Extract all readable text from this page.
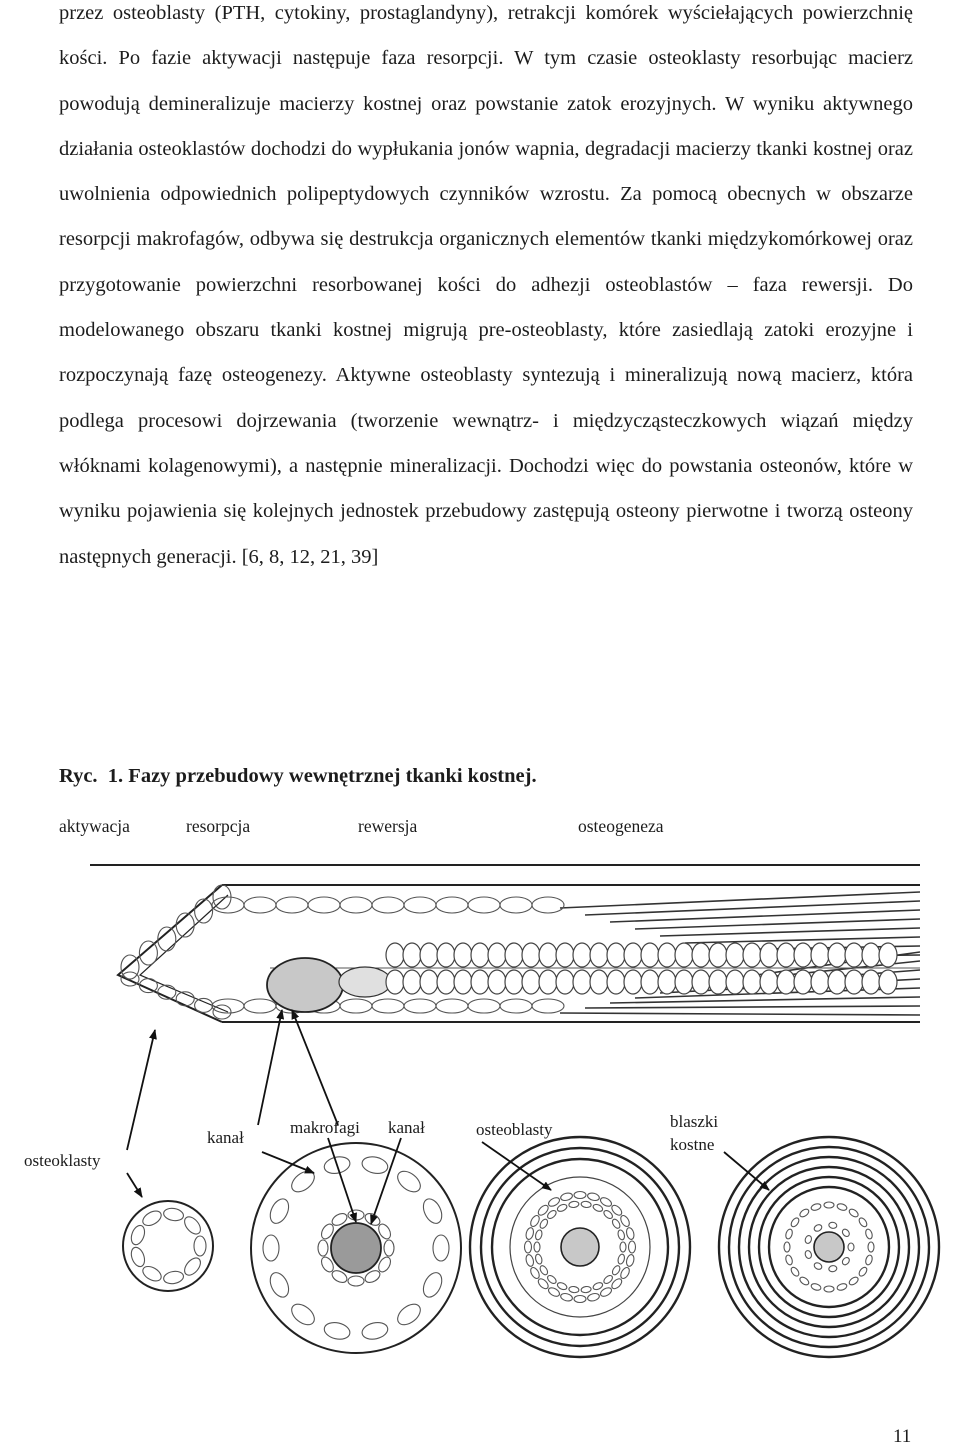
przez osteoblasty (PTH, cytokiny, prostaglandyny), retrakcji komórek wyściełających powierzchnię kości. Po fazie aktywacji następuje faza resorpcji. W tym czasie osteoklasty resorbując macierz powodują demineralizuje macierzy kostnej oraz powstanie zatok erozyjnych. W wyniku aktywnego działania osteoklastów dochodzi do wypłukania jonów wapnia, degradacji macierzy tkanki kostnej oraz uwolnienia odpowiednich polipeptydowych czynników wzrostu. Za pomocą obecnych w obszarze resorpcji makrofagów, odbywa się destrukcja organicznych elementów tkanki międzykomórkowej oraz przygotowanie powierzchni resorbowanej kości do adhezji osteoblastów – faza rewersji. Do modelowanego obszaru tkanki kostnej migrują pre-osteoblasty, które zasiedlają zatoki erozyjne i rozpoczynają fazę osteogenezy. Aktywne osteoblasty syntezują i mineralizują nową macierz, która podlega procesowi dojrzewania (tworzenie wewnątrz- i międzycząsteczkowych wiązań między włóknami kolagenowymi), a następnie mineralizacji. Dochodzi więc do powstania osteonów, które w wyniku pojawienia się kolejnych jednostek przebudowy zastępują osteony pierwotne i tworzą osteony następnych generacji. [6, 8, 12, 21, 39]
Ryc.  1. Fazy przebudowy wewnętrznej tkanki kostnej.
aktywacja	resorpcja	rewersja	osteogeneza
osteoklasty
kanał
makrofagi kanał	osteoblasty	blaszki
kostne
11
